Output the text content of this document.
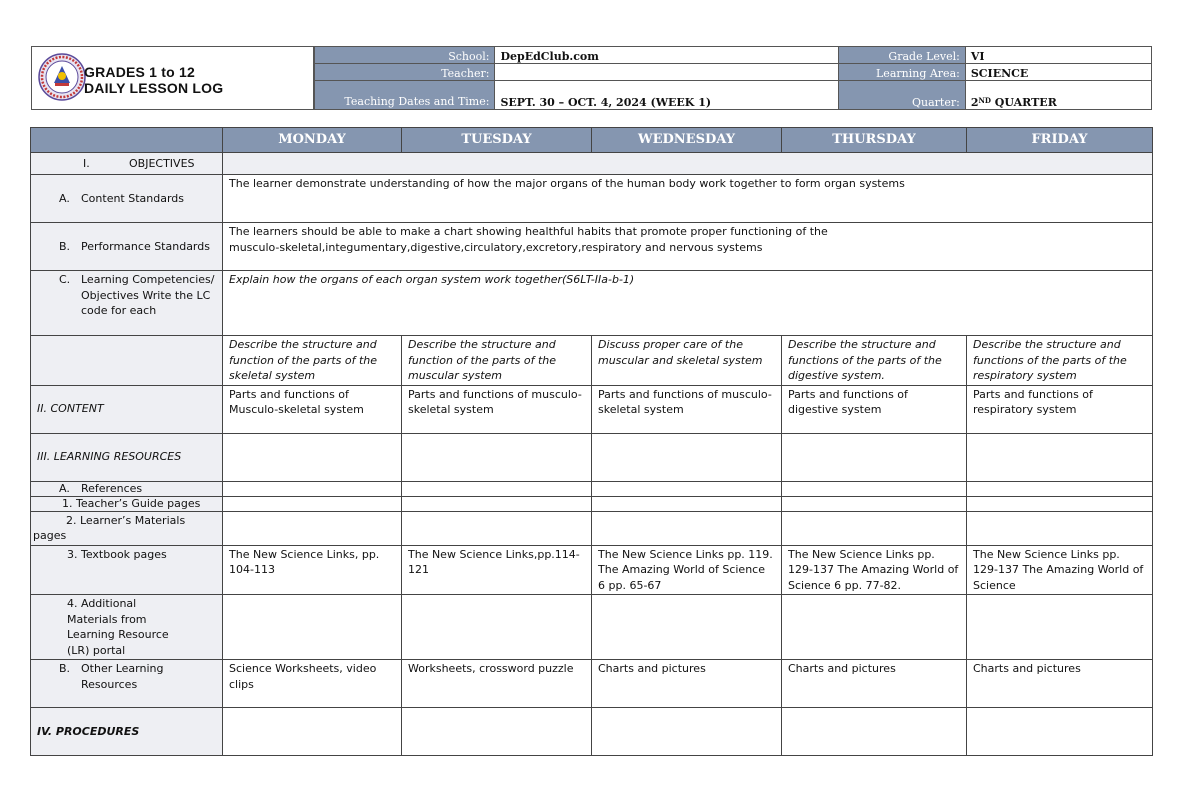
GRADES 1 to 12
DAILY LESSON LOG
School:	DepEdClub.com	Grade Level:	VI
Teacher:		Learning Area:	SCIENCE
Teaching Dates and Time:	SEPT. 30 – OCT. 4, 2024 (WEEK 1)	Quarter:	2ND QUARTER
	MONDAY	TUESDAY	WEDNESDAY	THURSDAY	FRIDAY
I. OBJECTIVES					

A. Content Standards	The learner demonstrate understanding of how the major organs of the human body work together to form organ systems				

B. Performance Standards	The learners should be able to make a chart showing healthful habits that promote proper functioning of the musculo-skeletal,integumentary,digestive,circulatory,excretory,respiratory and nervous systems				

C. Learning Competencies/ Objectives Write the LC code for each	Explain how the organs of each organ system work together(S6LT-IIa-b-1)				
	Describe the structure and function of the parts of the skeletal system	Describe the structure and function of the parts of the muscular system	Discuss proper care of the muscular and skeletal system	Describe the structure and functions of the parts of the digestive system.	Describe the structure and functions of the parts of the respiratory system
II. CONTENT	Parts and functions of Musculo-skeletal system	Parts and functions of musculo-skeletal system	Parts and functions of musculo-skeletal system	Parts and functions of digestive system	Parts and functions of respiratory system
III. LEARNING RESOURCES					

A. References					

1. Teacher’s Guide pages					

2. Learner’s Materials
pages					

3. Textbook pages	The New Science Links, pp. 104-113	The New Science Links,pp.114-121	The New Science Links pp. 119. The Amazing World of Science 6 pp. 65-67	The New Science Links pp. 129-137 The Amazing World of Science 6 pp. 77-82.	The New Science Links pp. 129-137 The Amazing World of Science
4. Additional Materials from Learning Resource (LR) portal					

B. Other Learning Resources	Science Worksheets, video clips	Worksheets, crossword puzzle	Charts and pictures	Charts and pictures	Charts and pictures
IV. PROCEDURES					
